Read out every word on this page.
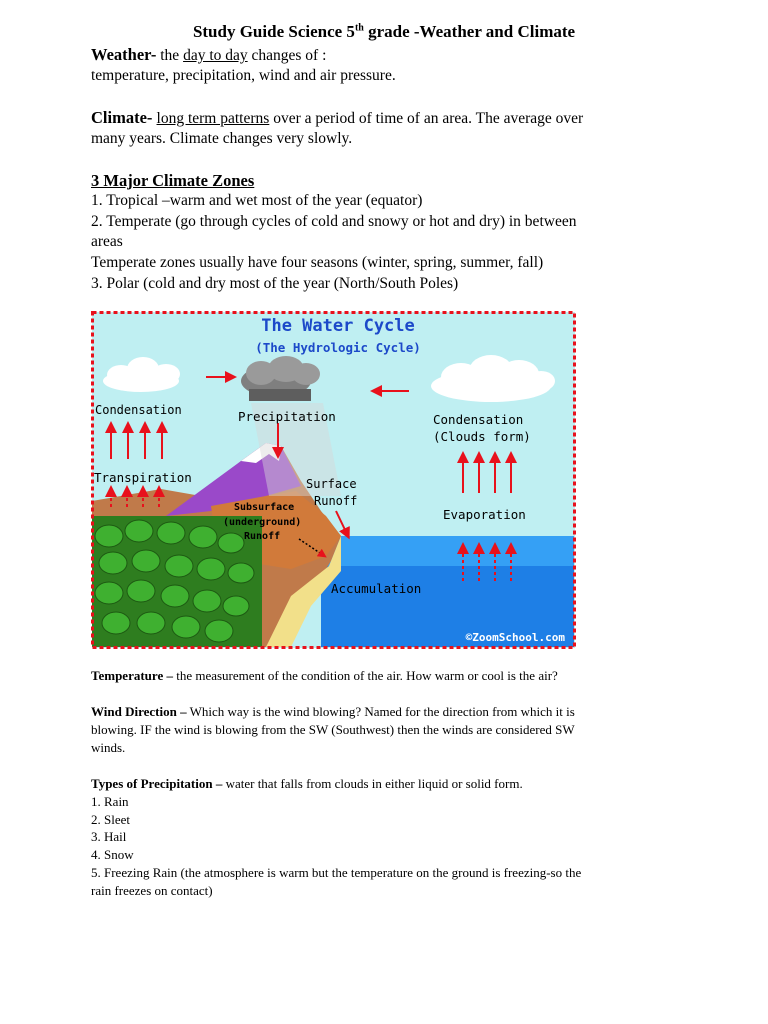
Study Guide Science 5th grade -Weather and Climate
Weather- the day to day changes of :
temperature, precipitation, wind and air pressure.
Climate- long term patterns over a period of time of an area. The average over
many years. Climate changes very slowly.
3 Major Climate Zones
1. Tropical –warm and wet most of the year (equator)
2. Temperate (go through cycles of cold and snowy or hot and dry) in between
areas
Temperate zones usually have four seasons (winter, spring, summer, fall)
3. Polar (cold and dry most of the year (North/South Poles)
The Water Cycle
(The Hydrologic Cycle)
Condensation	Precipitation	Condensation
(Clouds form)
Transpiration	Surface
Runoff
Subsurface
(underground)
Runoff
Evaporation
Accumulation
©ZoomSchool.com
Temperature – the measurement of the condition of the air. How warm or cool is the air?
Wind Direction – Which way is the wind blowing? Named for the direction from which it is
blowing. IF the wind is blowing from the SW (Southwest) then the winds are considered SW
winds.
Types of Precipitation – water that falls from clouds in either liquid or solid form.
1. Rain
2. Sleet
3. Hail
4. Snow
5. Freezing Rain (the atmosphere is warm but the temperature on the ground is freezing-so the
rain freezes on contact)
